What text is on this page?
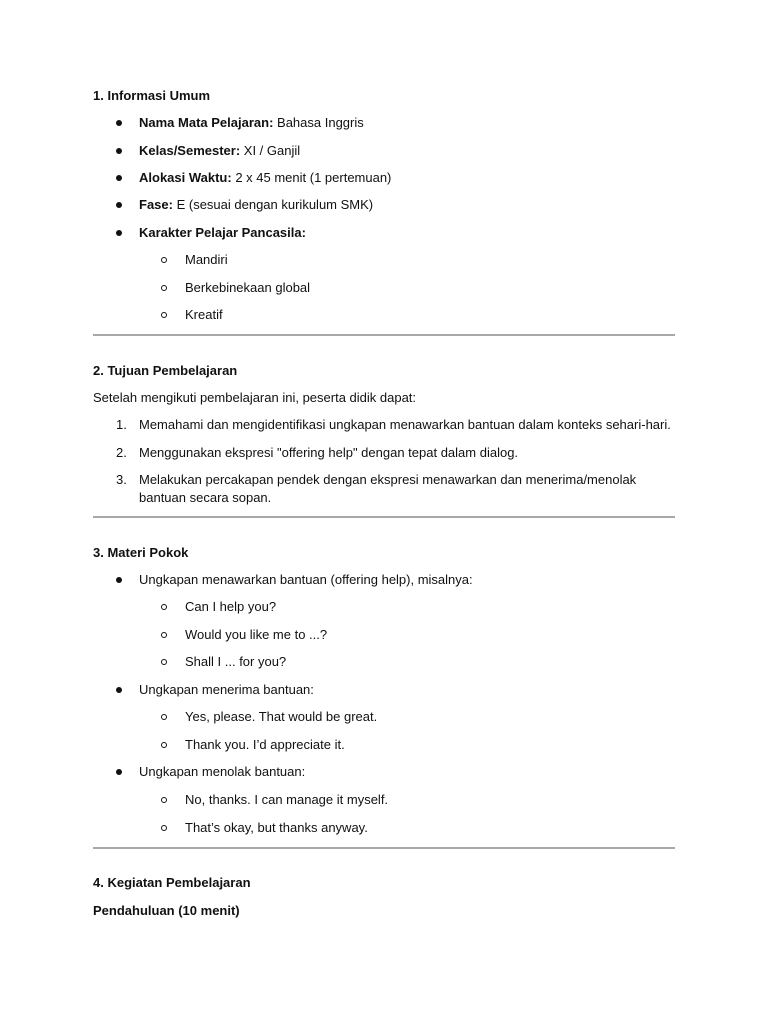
1. Informasi Umum
Nama Mata Pelajaran: Bahasa Inggris
Kelas/Semester: XI / Ganjil
Alokasi Waktu: 2 x 45 menit (1 pertemuan)
Fase: E (sesuai dengan kurikulum SMK)
Karakter Pelajar Pancasila:
Mandiri
Berkebinekaan global
Kreatif
2. Tujuan Pembelajaran
Setelah mengikuti pembelajaran ini, peserta didik dapat:
1. Memahami dan mengidentifikasi ungkapan menawarkan bantuan dalam konteks sehari-hari.
2. Menggunakan ekspresi "offering help" dengan tepat dalam dialog.
3. Melakukan percakapan pendek dengan ekspresi menawarkan dan menerima/menolak
bantuan secara sopan.
3. Materi Pokok
Ungkapan menawarkan bantuan (offering help), misalnya:
Can I help you?
Would you like me to ...?
Shall I ... for you?
Ungkapan menerima bantuan:
Yes, please. That would be great.
Thank you. I’d appreciate it.
Ungkapan menolak bantuan:
No, thanks. I can manage it myself.
That’s okay, but thanks anyway.
4. Kegiatan Pembelajaran
Pendahuluan (10 menit)
